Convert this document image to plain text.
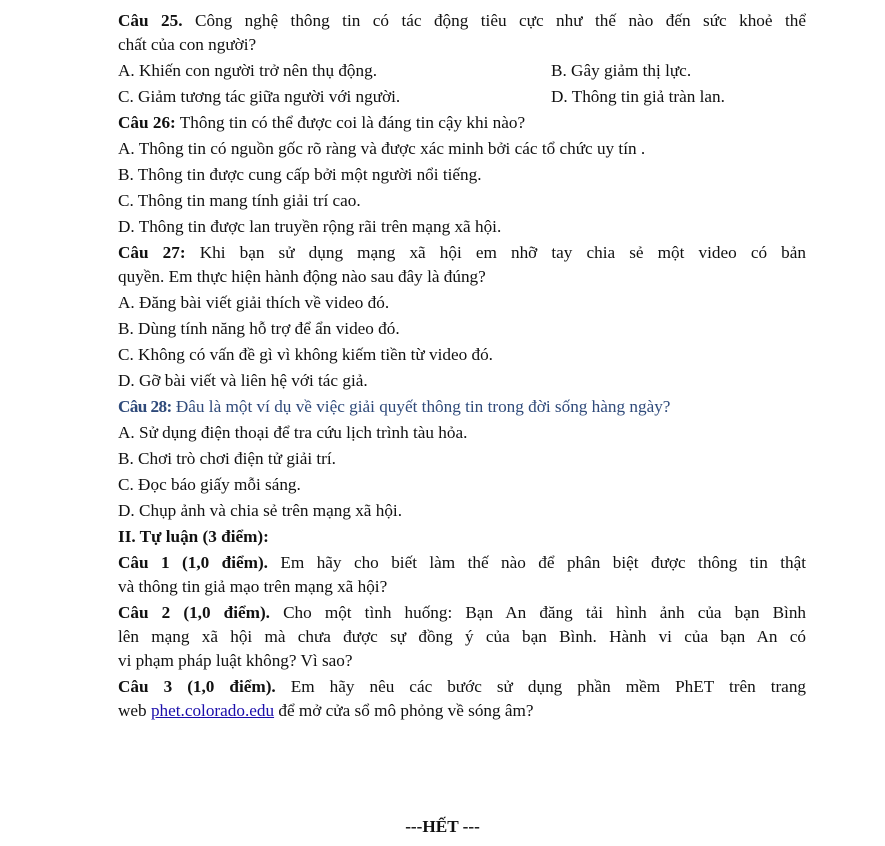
Câu 25. Công nghệ thông tin có tác động tiêu cực như thế nào đến sức khoẻ thể
chất của con người?
A. Khiến con người trở nên thụ động.	B. Gây giảm thị lực.
C. Giảm tương tác giữa người với người.	D. Thông tin giả tràn lan.
Câu 26: Thông tin có thể được coi là đáng tin cậy khi nào?
A. Thông tin có nguồn gốc rõ ràng và được xác minh bởi các tổ chức uy tín .
B. Thông tin được cung cấp bởi một người nổi tiếng.
C. Thông tin mang tính giải trí cao.
D. Thông tin được lan truyền rộng rãi trên mạng xã hội.
Câu 27: Khi bạn sử dụng mạng xã hội em nhỡ tay chia sẻ một video có bản
quyền. Em thực hiện hành động nào sau đây là đúng?
A. Đăng bài viết giải thích về video đó.
B. Dùng tính năng hỗ trợ để ẩn video đó.
C. Không có vấn đề gì vì không kiếm tiền từ video đó.
D. Gỡ bài viết và liên hệ với tác giả.
Câu 28: Đâu là một ví dụ về việc giải quyết thông tin trong đời sống hàng ngày?
A. Sử dụng điện thoại để tra cứu lịch trình tàu hỏa.
B. Chơi trò chơi điện tử giải trí.
C. Đọc báo giấy mỗi sáng.
D. Chụp ảnh và chia sẻ trên mạng xã hội.
II. Tự luận (3 điểm):
Câu 1 (1,0 điểm). Em hãy cho biết làm thế nào để phân biệt được thông tin thật
và thông tin giả mạo trên mạng xã hội?
Câu 2 (1,0 điểm). Cho một tình huống: Bạn An đăng tải hình ảnh của bạn Bình
lên mạng xã hội mà chưa được sự đồng ý của bạn Bình. Hành vi của bạn An có
vi phạm pháp luật không? Vì sao?
Câu 3 (1,0 điểm). Em hãy nêu các bước sử dụng phần mềm PhET trên trang
web phet.colorado.edu để mở cửa sổ mô phỏng về sóng âm?
---HẾT ---
